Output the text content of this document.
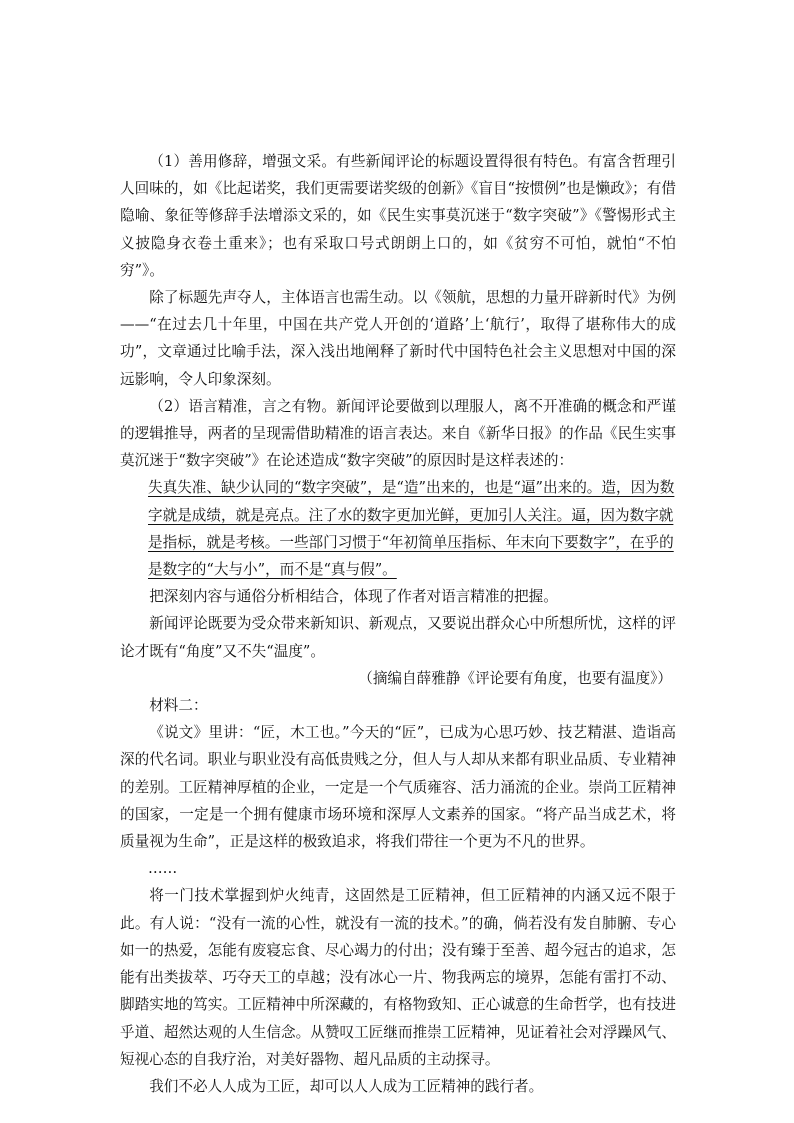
（1）善用修辞，增强文采。有些新闻评论的标题设置得很有特色。有富含哲理引人回味的，如《比起诺奖，我们更需要诺奖级的创新》《盲目“按惯例”也是懒政》；有借隐喻、象征等修辞手法增添文采的，如《民生实事莫沉迷于“数字突破”》《警惕形式主义披隐身衣卷土重来》；也有采取口号式朗朗上口的，如《贫穷不可怕，就怕“不怕穷”》。

除了标题先声夺人，主体语言也需生动。以《领航，思想的力量开辟新时代》为例——“在过去几十年里，中国在共产党人开创的‘道路’上‘航行’，取得了堪称伟大的成功”，文章通过比喻手法，深入浅出地阐释了新时代中国特色社会主义思想对中国的深远影响，令人印象深刻。

（2）语言精准，言之有物。新闻评论要做到以理服人，离不开准确的概念和严谨的逻辑推导，两者的呈现需借助精准的语言表达。来自《新华日报》的作品《民生实事莫沉迷于“数字突破”》在论述造成“数字突破”的原因时是这样表述的：

失真失准、缺少认同的“数字突破”，是“造”出来的，也是“逼”出来的。造，因为数字就是成绩，就是亮点。注了水的数字更加光鲜，更加引人关注。逼，因为数字就是指标，就是考核。一些部门习惯于“年初简单压指标、年末向下要数字”，在乎的是数字的“大与小”，而不是“真与假”。

把深刻内容与通俗分析相结合，体现了作者对语言精准的把握。

新闻评论既要为受众带来新知识、新观点，又要说出群众心中所想所忧，这样的评论才既有“角度”又不失“温度”。

（摘编自薛雅静《评论要有角度，也要有温度》）

材料二：

《说文》里讲：“匠，木工也。”今天的“匠”，已成为心思巧妙、技艺精湛、造诣高深的代名词。职业与职业没有高低贵贱之分，但人与人却从来都有职业品质、专业精神的差别。工匠精神厚植的企业，一定是一个气质雍容、活力涌流的企业。崇尚工匠精神的国家，一定是一个拥有健康市场环境和深厚人文素养的国家。“将产品当成艺术，将质量视为生命”，正是这样的极致追求，将我们带往一个更为不凡的世界。

……

将一门技术掌握到炉火纯青，这固然是工匠精神，但工匠精神的内涵又远不限于此。有人说：“没有一流的心性，就没有一流的技术。”的确，倘若没有发自肺腑、专心如一的热爱，怎能有废寝忘食、尽心竭力的付出；没有臻于至善、超今冠古的追求，怎能有出类拔萃、巧夺天工的卓越；没有冰心一片、物我两忘的境界，怎能有雷打不动、脚踏实地的笃实。工匠精神中所深藏的，有格物致知、正心诚意的生命哲学，也有技进乎道、超然达观的人生信念。从赞叹工匠继而推崇工匠精神，见证着社会对浮躁风气、短视心态的自我疗治，对美好器物、超凡品质的主动探寻。

我们不必人人成为工匠，却可以人人成为工匠精神的践行者。
